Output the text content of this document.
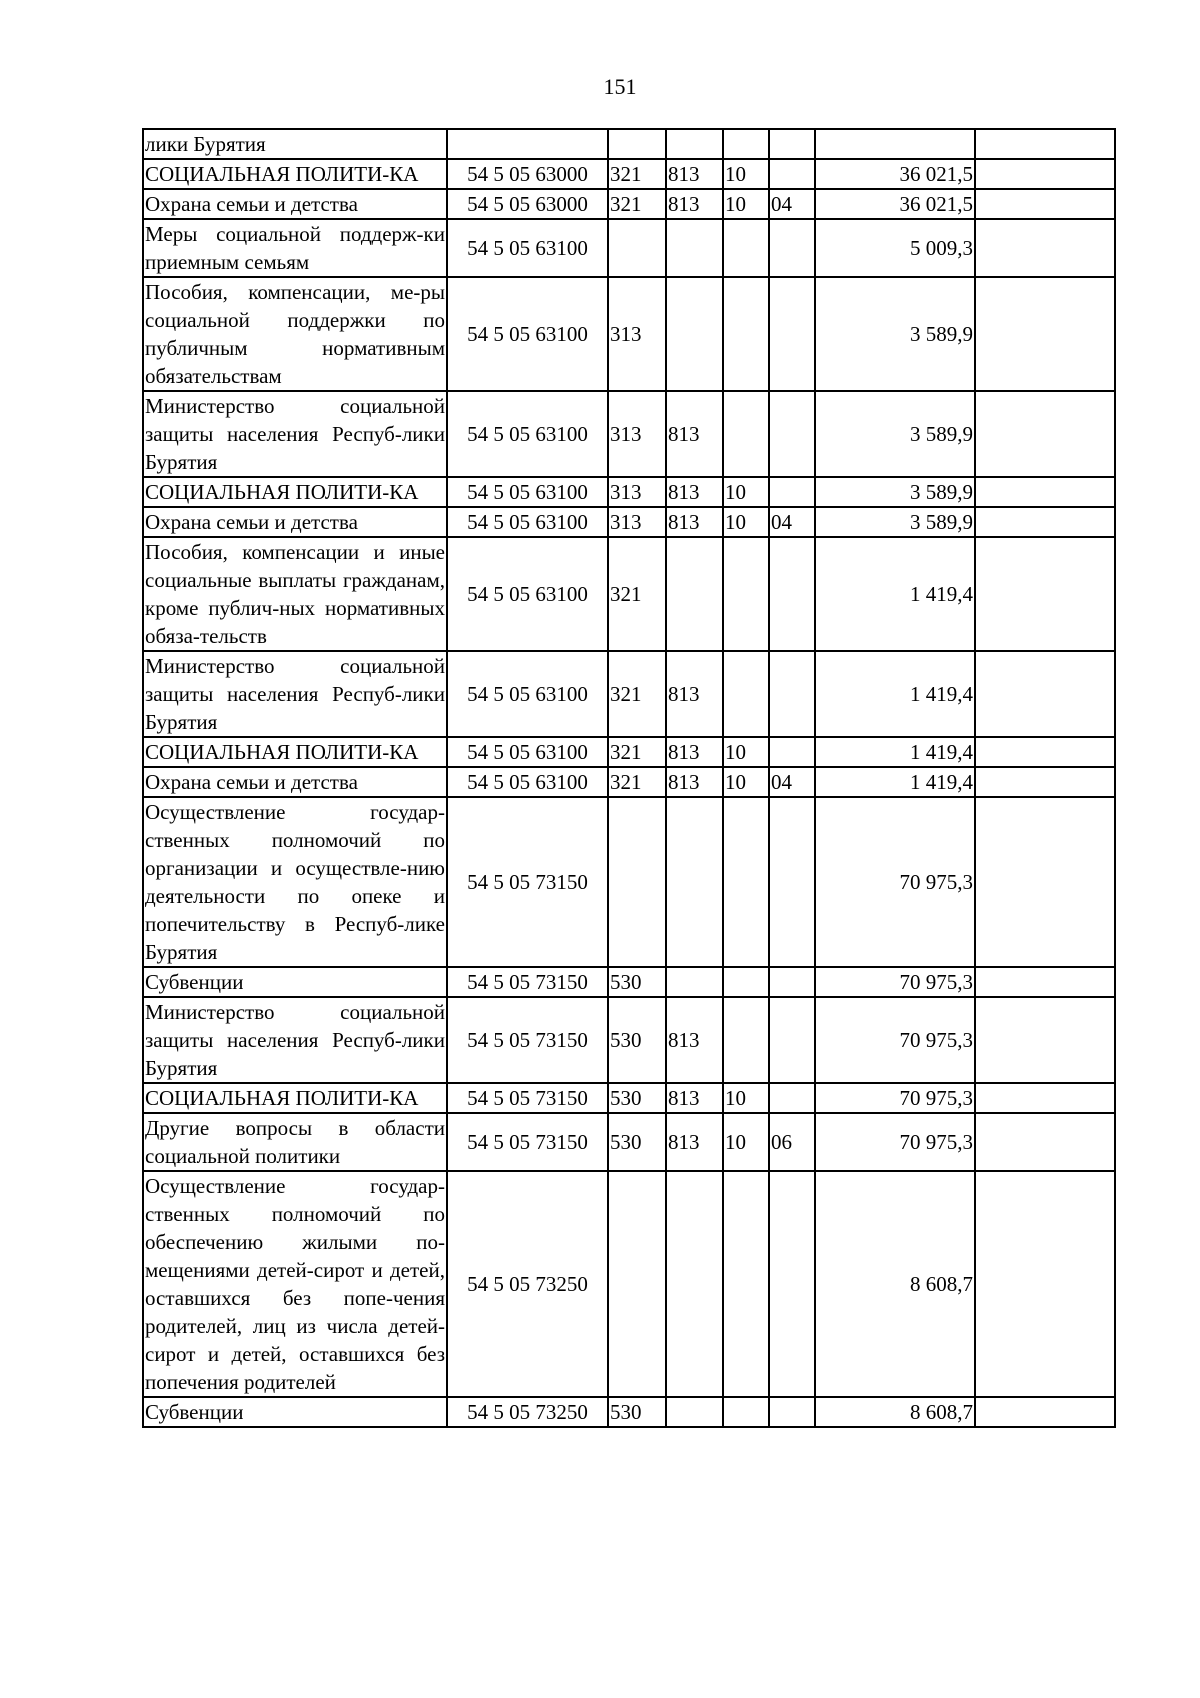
151
лики Бурятия							
СОЦИАЛЬНАЯ ПОЛИТИ-КА	54 5 05 63000	321	813	10		36 021,5	
Охрана семьи и детства	54 5 05 63000	321	813	10	04	36 021,5	
Меры социальной поддерж-ки приемным семьям	54 5 05 63100					5 009,3	
Пособия, компенсации, ме-ры социальной поддержки по публичным нормативным обязательствам	54 5 05 63100	313				3 589,9	
Министерство социальной защиты населения Респуб-лики Бурятия	54 5 05 63100	313	813			3 589,9	
СОЦИАЛЬНАЯ ПОЛИТИ-КА	54 5 05 63100	313	813	10		3 589,9	
Охрана семьи и детства	54 5 05 63100	313	813	10	04	3 589,9	
Пособия, компенсации и иные социальные выплаты гражданам, кроме публич-ных нормативных обяза-тельств	54 5 05 63100	321				1 419,4	
Министерство социальной защиты населения Респуб-лики Бурятия	54 5 05 63100	321	813			1 419,4	
СОЦИАЛЬНАЯ ПОЛИТИ-КА	54 5 05 63100	321	813	10		1 419,4	
Охрана семьи и детства	54 5 05 63100	321	813	10	04	1 419,4	
Осуществление государ-ственных полномочий по организации и осуществле-нию деятельности по опеке и попечительству в Респуб-лике Бурятия	54 5 05 73150					70 975,3	
Субвенции	54 5 05 73150	530				70 975,3	
Министерство социальной защиты населения Респуб-лики Бурятия	54 5 05 73150	530	813			70 975,3	
СОЦИАЛЬНАЯ ПОЛИТИ-КА	54 5 05 73150	530	813	10		70 975,3	
Другие вопросы в области социальной политики	54 5 05 73150	530	813	10	06	70 975,3	
Осуществление государ-ственных полномочий по обеспечению жилыми по-мещениями детей-сирот и детей, оставшихся без попе-чения родителей, лиц из числа детей-сирот и детей, оставшихся без попечения родителей	54 5 05 73250					8 608,7	
Субвенции	54 5 05 73250	530				8 608,7	
